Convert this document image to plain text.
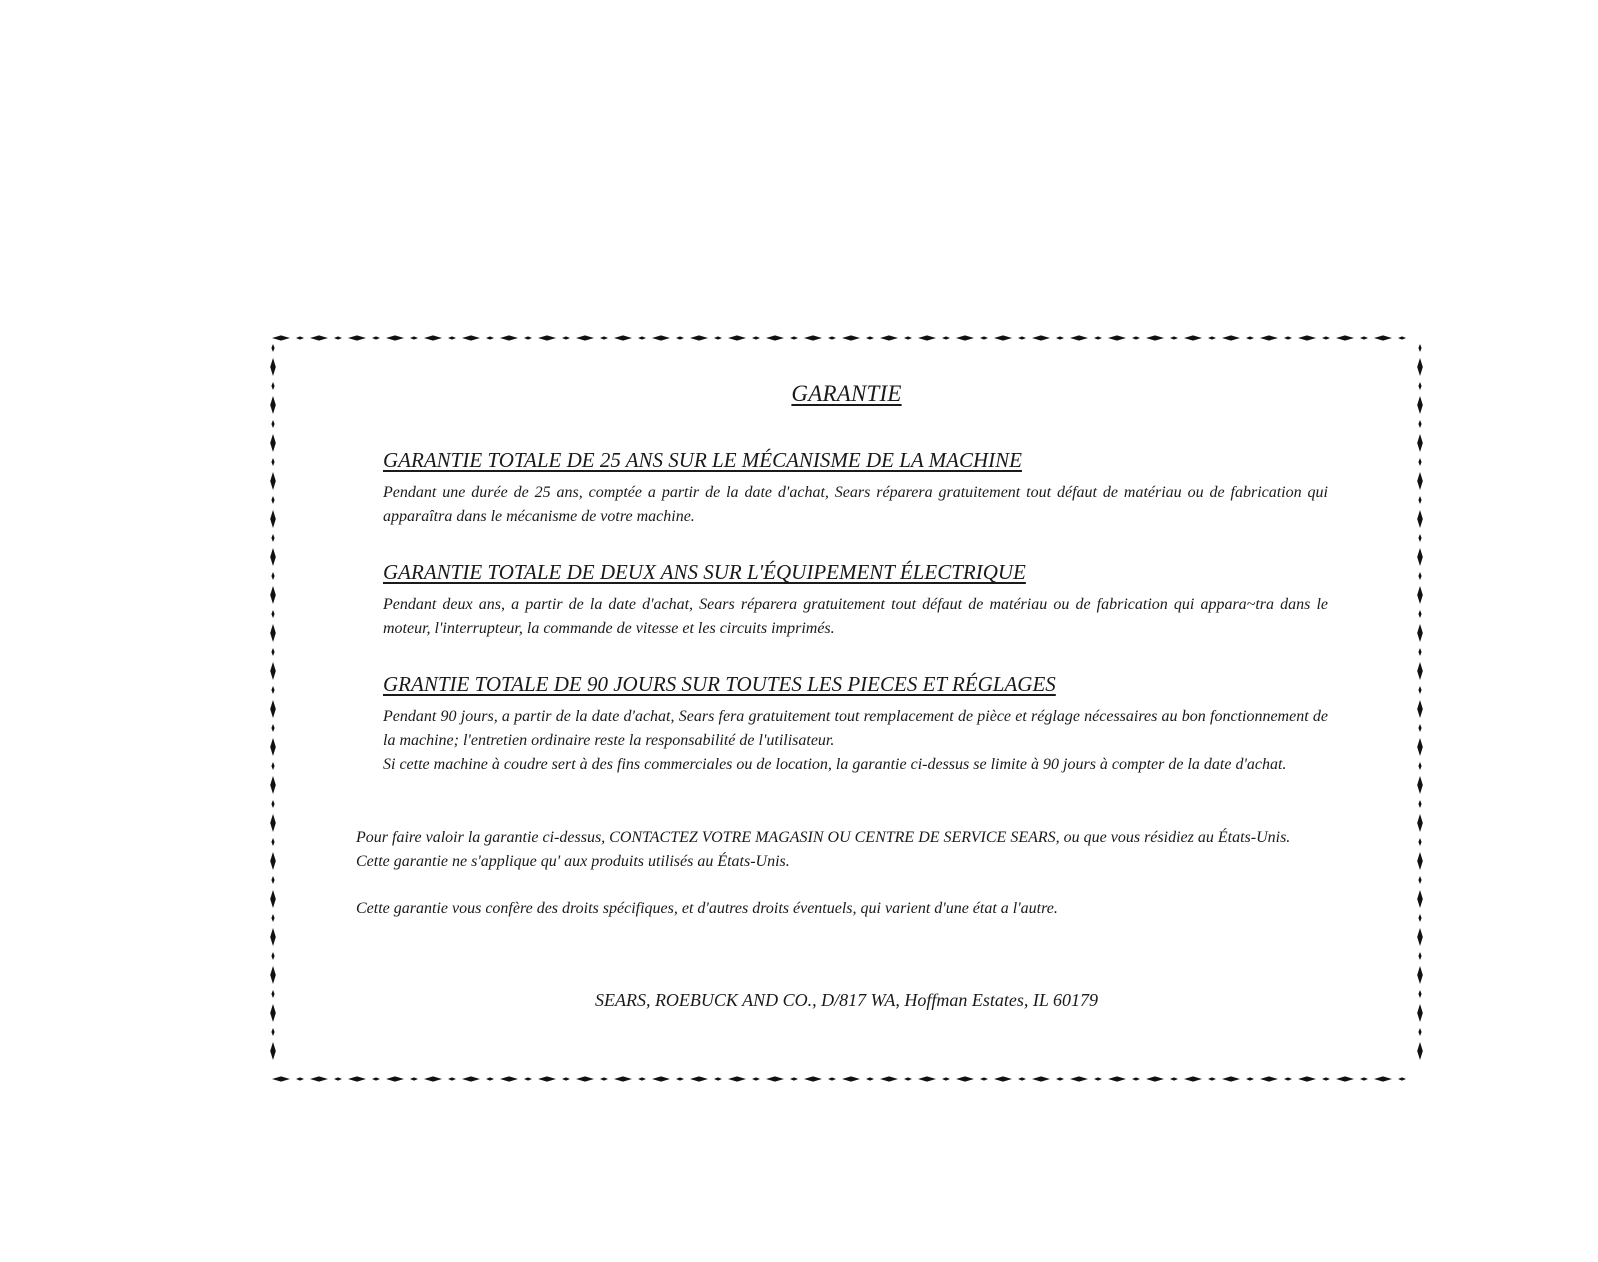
GARANTIE
GARANTIE TOTALE DE 25 ANS SUR LE MÉCANISME DE LA MACHINE

Pendant une durée de 25 ans, comptée a partir de la date d'achat, Sears réparera gratuitement tout défaut de matériau ou de fabrication qui apparaîtra dans le mécanisme de votre machine.

GARANTIE TOTALE DE DEUX ANS SUR L'ÉQUIPEMENT ÉLECTRIQUE

Pendant deux ans, a partir de la date d'achat, Sears réparera gratuitement tout défaut de matériau ou de fabrication qui appara~tra dans le moteur, l'interrupteur, la commande de vitesse et les circuits imprimés.

GRANTIE TOTALE DE 90 JOURS SUR TOUTES LES PIECES ET RÉGLAGES

Pendant 90 jours, a partir de la date d'achat, Sears fera gratuitement tout remplacement de pièce et réglage nécessaires au bon fonctionnement de la machine; l'entretien ordinaire reste la responsabilité de l'utilisateur.

Si cette machine à coudre sert à des fins commerciales ou de location, la garantie ci-dessus se limite à 90 jours à compter de la date d'achat.

Pour faire valoir la garantie ci-dessus, CONTACTEZ VOTRE MAGASIN OU CENTRE DE SERVICE SEARS, ou que vous résidiez au États-Unis. Cette garantie ne s'applique qu' aux produits utilisés au États-Unis.

Cette garantie vous confère des droits spécifiques, et d'autres droits éventuels, qui varient d'une état a l'autre.

SEARS, ROEBUCK AND CO., D/817 WA, Hoffman Estates, IL 60179
